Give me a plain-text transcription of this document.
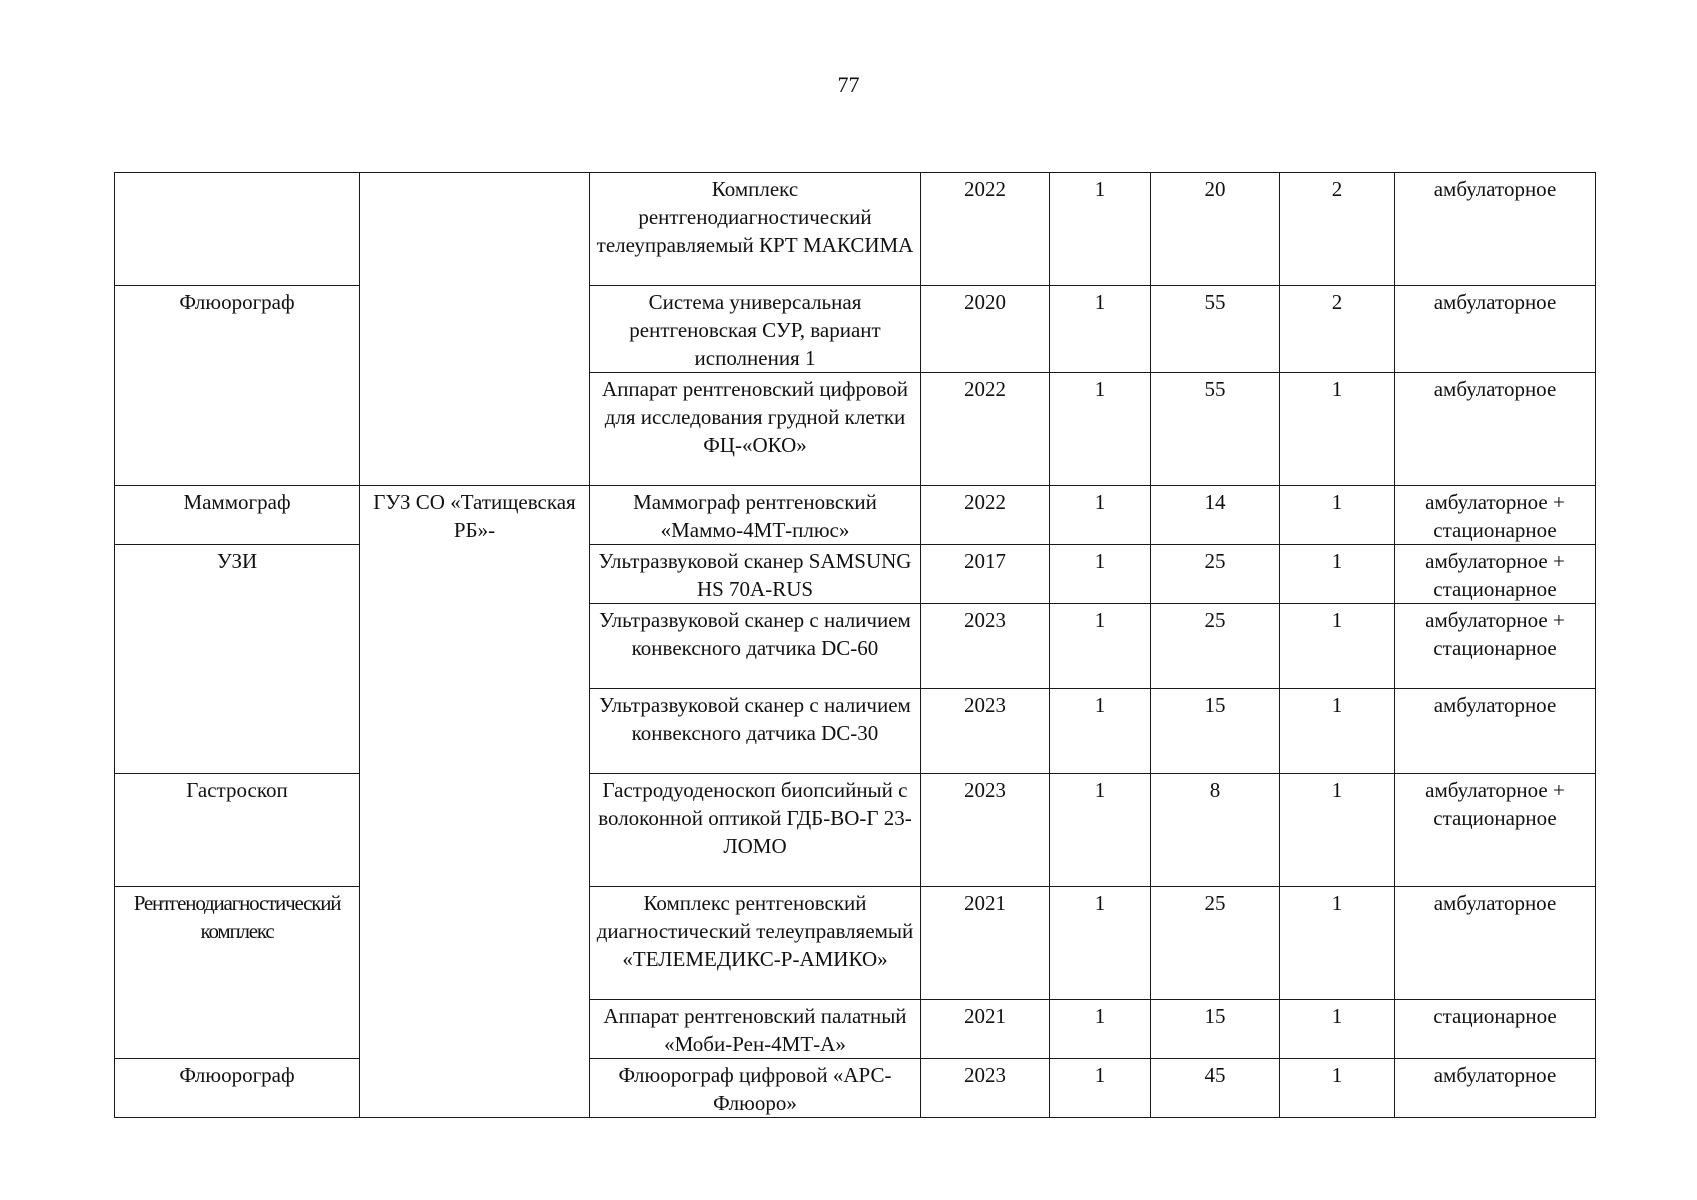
77
		Комплекс рентгенодиагностический телеуправляемый КРТ МАКСИМА	2022	1	20	2	амбулаторное
Флюорограф		Система универсальная рентгеновская СУР, вариант исполнения 1	2020	1	55	2	амбулаторное
		Аппарат рентгеновский цифровой для исследования грудной клетки ФЦ-«ОКО»	2022	1	55	1	амбулаторное
Маммограф	ГУЗ СО «Татищевская РБ»-	Маммограф рентгеновский «Маммо-4МТ-плюс»	2022	1	14	1	амбулаторное + стационарное
УЗИ		Ультразвуковой сканер SAMSUNG HS 70A-RUS	2017	1	25	1	амбулаторное + стационарное
		Ультразвуковой сканер с наличием конвексного датчика DC-60	2023	1	25	1	амбулаторное + стационарное
		Ультразвуковой сканер с наличием конвексного датчика DC-30	2023	1	15	1	амбулаторное
Гастроскоп		Гастродуоденоскоп биопсийный с волоконной оптикой ГДБ-ВО-Г 23-ЛОМО	2023	1	8	1	амбулаторное + стационарное
Рентгенодиагностический комплекс		Комплекс рентгеновский диагностический телеуправляемый «ТЕЛЕМЕДИКС-Р-АМИКО»	2021	1	25	1	амбулаторное
		Аппарат рентгеновский палатный «Моби-Рен-4МТ-А»	2021	1	15	1	стационарное
Флюорограф		Флюорограф цифровой «АРС-Флюоро»	2023	1	45	1	амбулаторное
